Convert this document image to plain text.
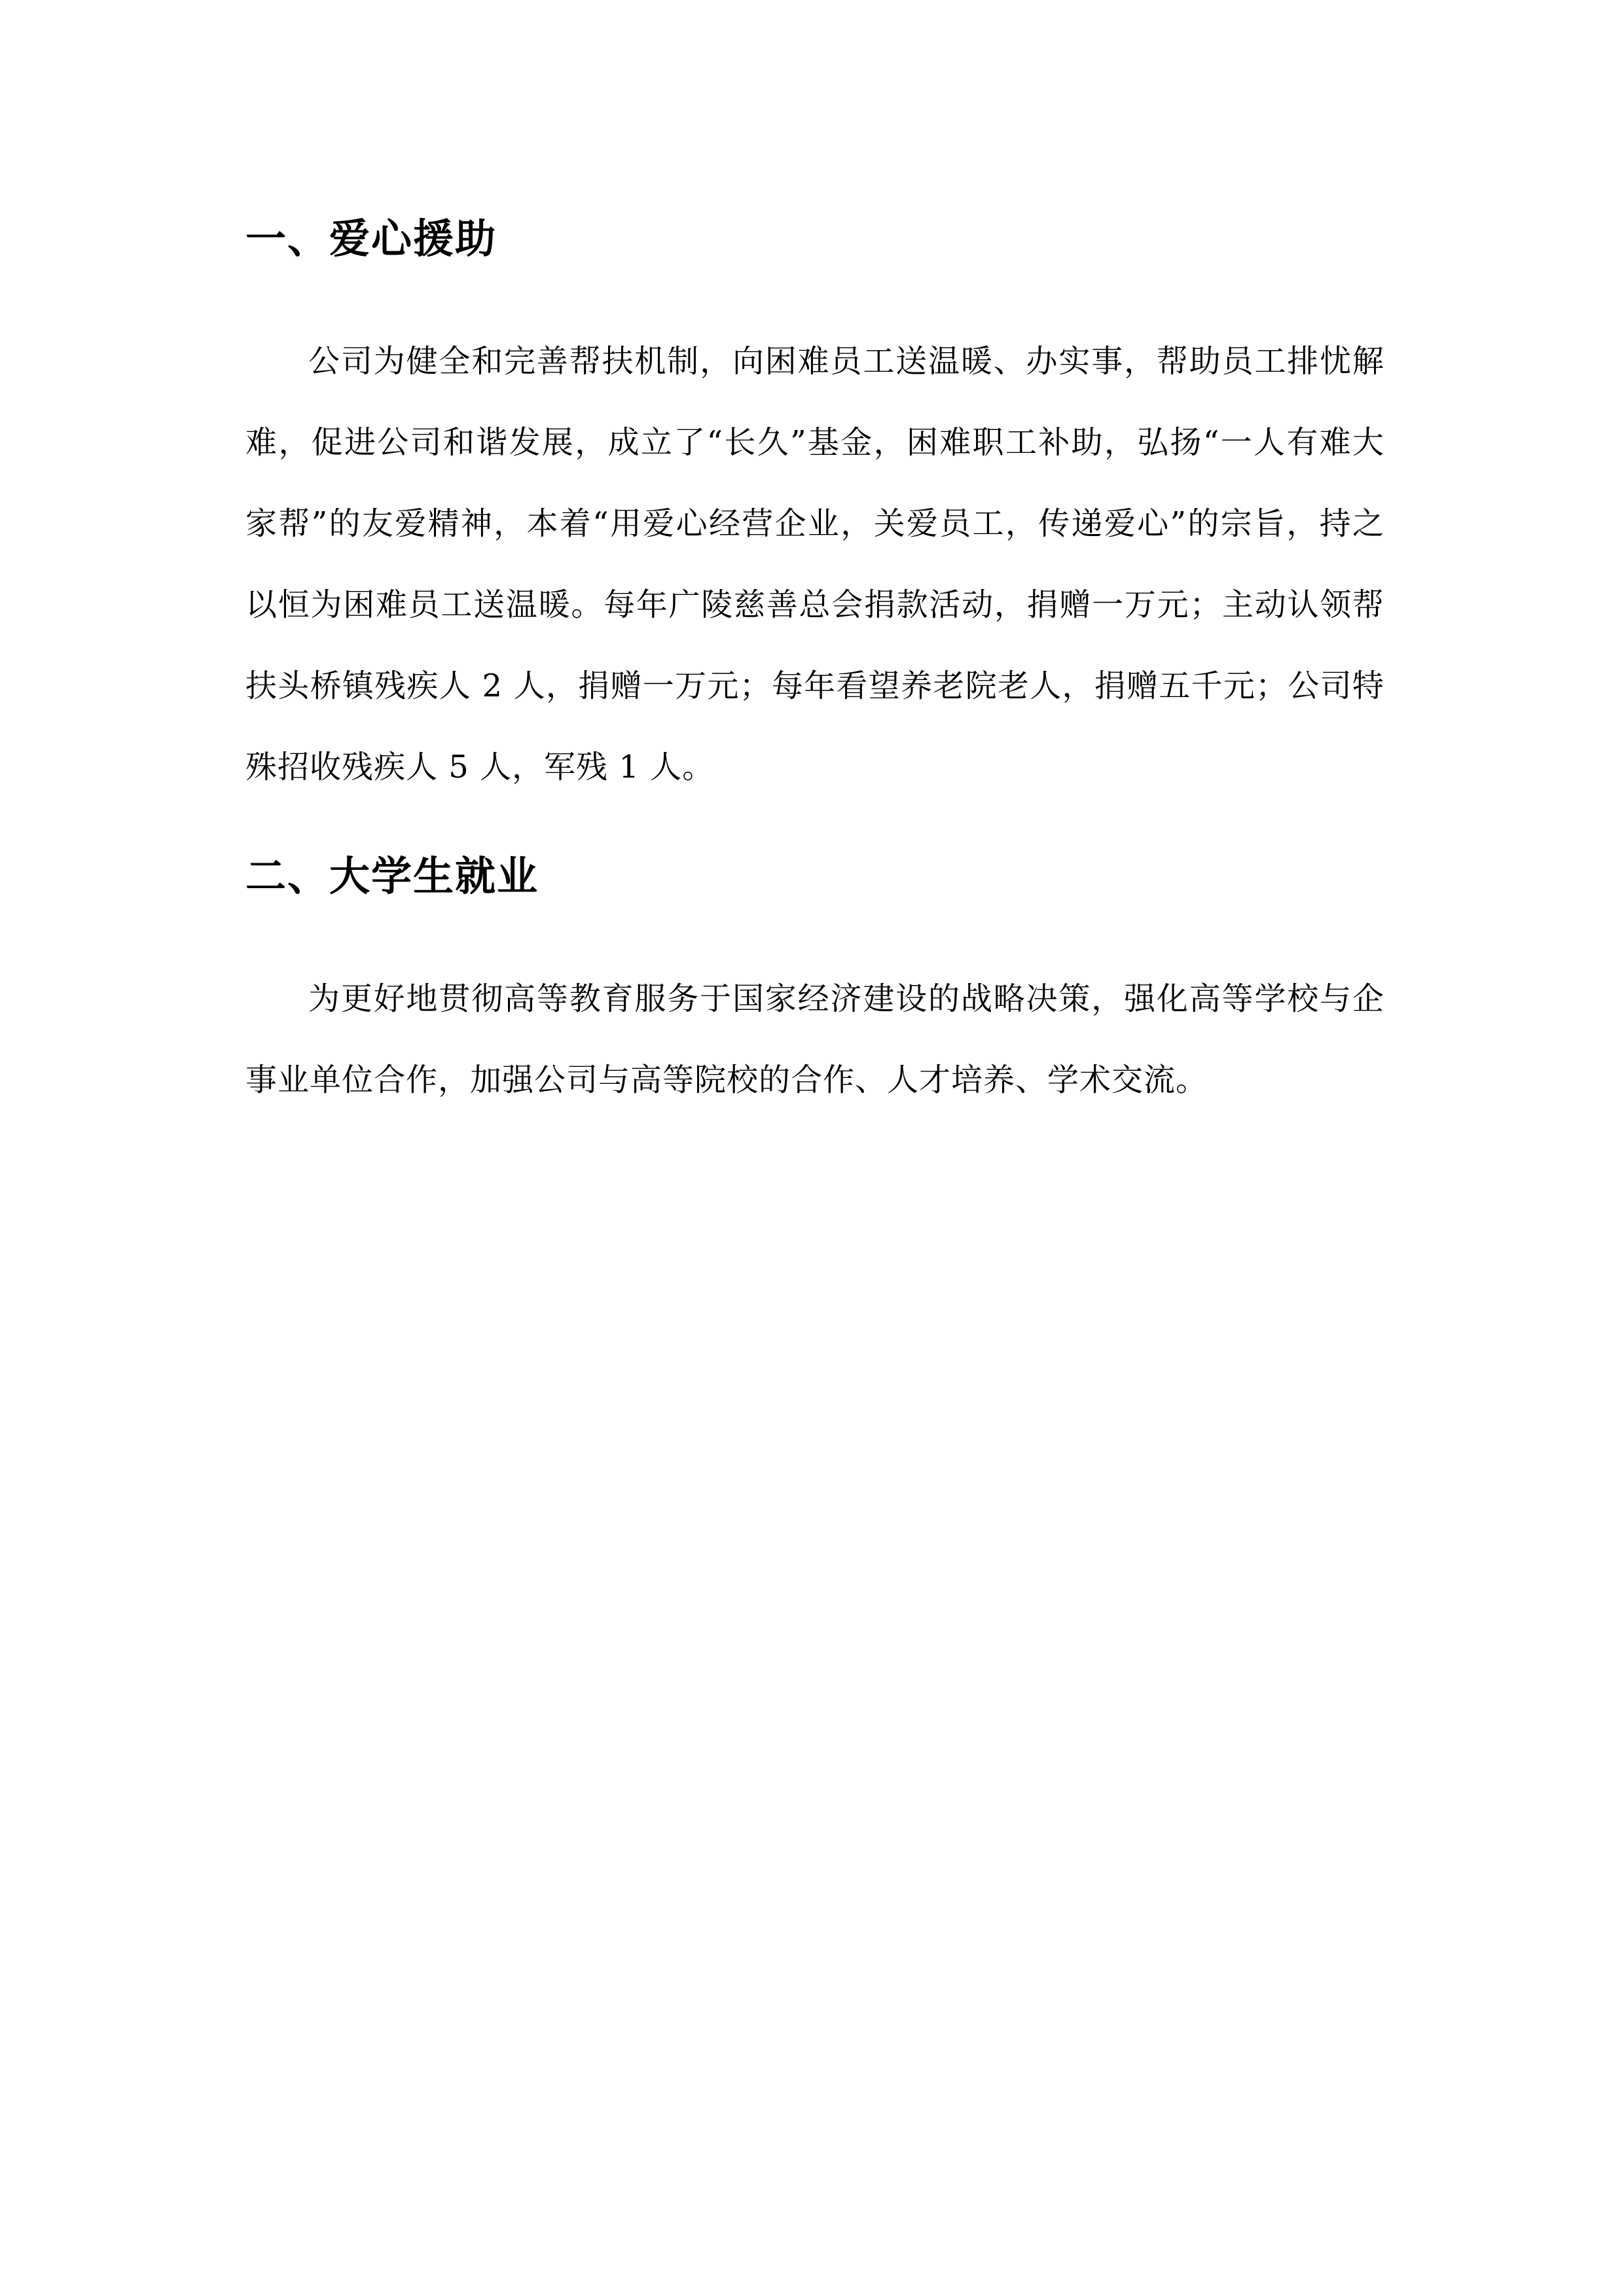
一、爱心援助

公司为健全和完善帮扶机制，向困难员工送温暖、办实事，帮助员工排忧解难，促进公司和谐发展，成立了“长久”基金，困难职工补助，弘扬“一人有难大家帮”的友爱精神，本着“用爱心经营企业，关爱员工，传递爱心”的宗旨，持之以恒为困难员工送温暖。每年广陵慈善总会捐款活动，捐赠一万元；主动认领帮扶头桥镇残疾人 2 人，捐赠一万元；每年看望养老院老人，捐赠五千元；公司特殊招收残疾人 5 人，军残 1 人。

二、大学生就业

为更好地贯彻高等教育服务于国家经济建设的战略决策，强化高等学校与企事业单位合作，加强公司与高等院校的合作、人才培养、学术交流。
